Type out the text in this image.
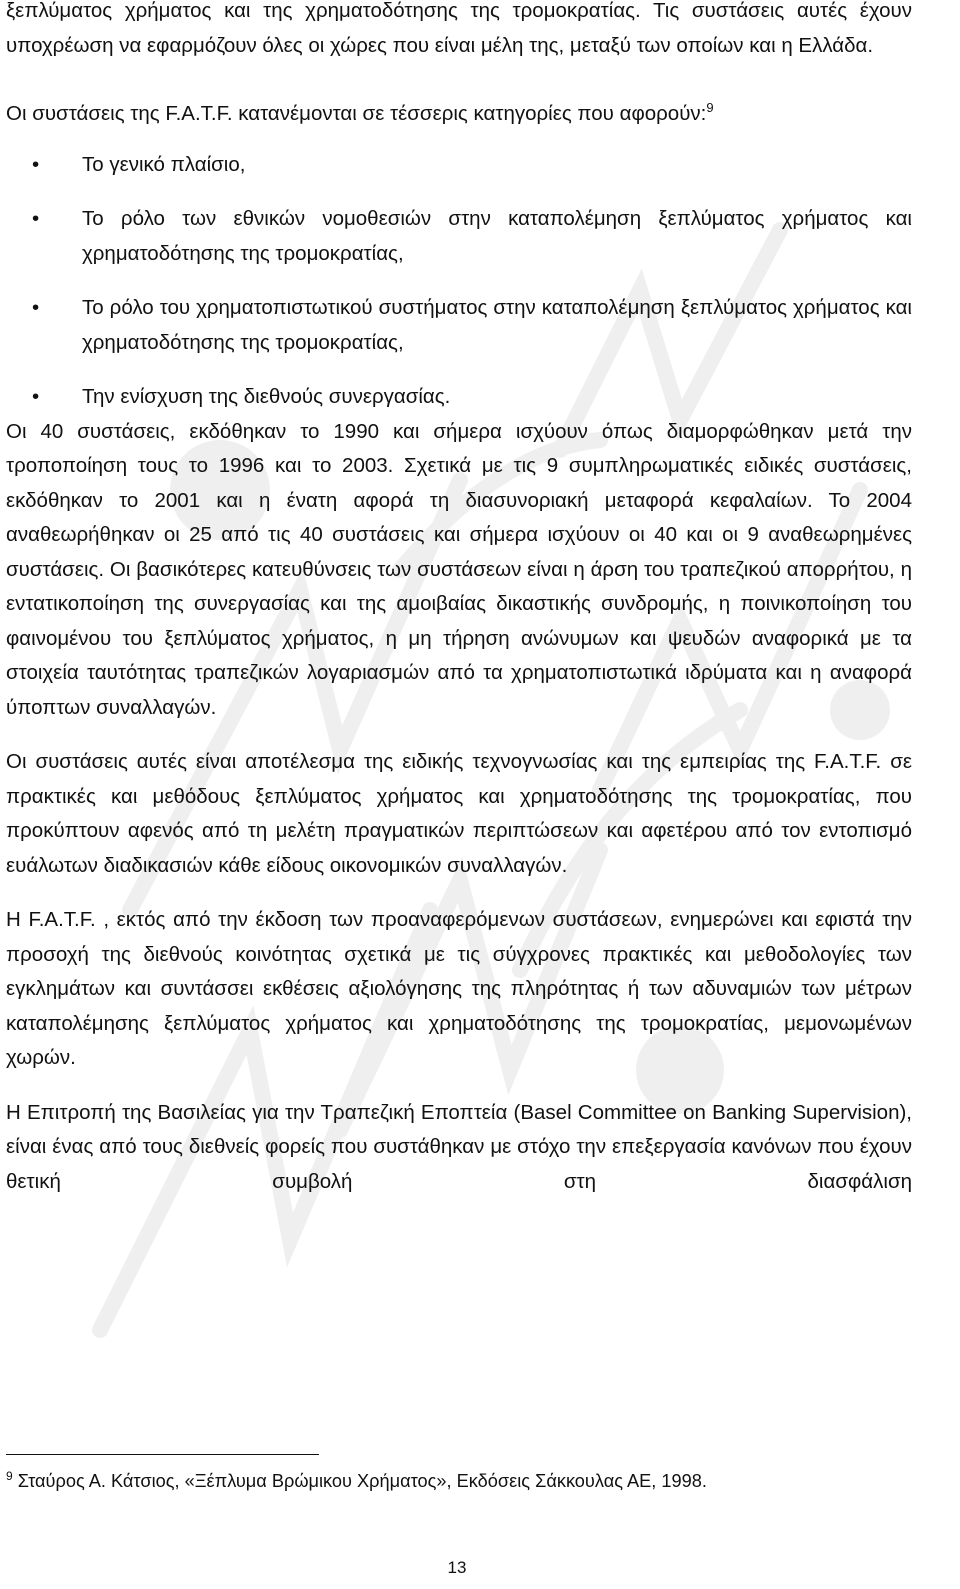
ξεπλύματος χρήματος και της χρηματοδότησης της τρομοκρατίας. Τις συστάσεις αυτές έχουν υποχρέωση να εφαρμόζουν όλες οι χώρες που είναι μέλη της, μεταξύ των οποίων και η Ελλάδα.

Οι συστάσεις της F.A.T.F. κατανέμονται σε τέσσερις κατηγορίες που αφορούν:$^9$

• Το γενικό πλαίσιο,
• Το ρόλο των εθνικών νομοθεσιών στην καταπολέμηση ξεπλύματος χρήματος και χρηματοδότησης της τρομοκρατίας,
• Το ρόλο του χρηματοπιστωτικού συστήματος στην καταπολέμηση ξεπλύματος χρήματος και χρηματοδότησης της τρομοκρατίας,
• Την ενίσχυση της διεθνούς συνεργασίας.

Οι 40 συστάσεις, εκδόθηκαν το 1990 και σήμερα ισχύουν όπως διαμορφώθηκαν μετά την τροποποίηση τους το 1996 και το 2003. Σχετικά με τις 9 συμπληρωματικές ειδικές συστάσεις, εκδόθηκαν το 2001 και η ένατη αφορά τη διασυνοριακή μεταφορά κεφαλαίων. Το 2004 αναθεωρήθηκαν οι 25 από τις 40 συστάσεις και σήμερα ισχύουν οι 40 και οι 9 αναθεωρημένες συστάσεις. Οι βασικότερες κατευθύνσεις των συστάσεων είναι η άρση του τραπεζικού απορρήτου, η εντατικοποίηση της συνεργασίας και της αμοιβαίας δικαστικής συνδρομής, η ποινικοποίηση του φαινομένου του ξεπλύματος χρήματος, η μη τήρηση ανώνυμων και ψευδών αναφορικά με τα στοιχεία ταυτότητας τραπεζικών λογαριασμών από τα χρηματοπιστωτικά ιδρύματα και η αναφορά ύποπτων συναλλαγών.

Οι συστάσεις αυτές είναι αποτέλεσμα της ειδικής τεχνογνωσίας και της εμπειρίας της F.A.T.F. σε πρακτικές και μεθόδους ξεπλύματος χρήματος και χρηματοδότησης της τρομοκρατίας, που προκύπτουν αφενός από τη μελέτη πραγματικών περιπτώσεων και αφετέρου από τον εντοπισμό ευάλωτων διαδικασιών κάθε είδους οικονομικών συναλλαγών.

Η F.A.T.F. , εκτός από την έκδοση των προαναφερόμενων συστάσεων, ενημερώνει και εφιστά την προσοχή της διεθνούς κοινότητας σχετικά με τις σύγχρονες πρακτικές και μεθοδολογίες των εγκλημάτων και συντάσσει εκθέσεις αξιολόγησης της πληρότητας ή των αδυναμιών των μέτρων καταπολέμησης ξεπλύματος χρήματος και χρηματοδότησης της τρομοκρατίας, μεμονωμένων χωρών.

Η Επιτροπή της Βασιλείας για την Τραπεζική Εποπτεία (Basel Committee on Banking Supervision), είναι ένας από τους διεθνείς φορείς που συστάθηκαν με στόχο την επεξεργασία κανόνων που έχουν θετική συμβολή στη διασφάλιση

$^9$ Σταύρος Α. Κάτσιος, «Ξέπλυμα Βρώμικου Χρήματος», Εκδόσεις Σάκκουλας ΑΕ, 1998.
13
